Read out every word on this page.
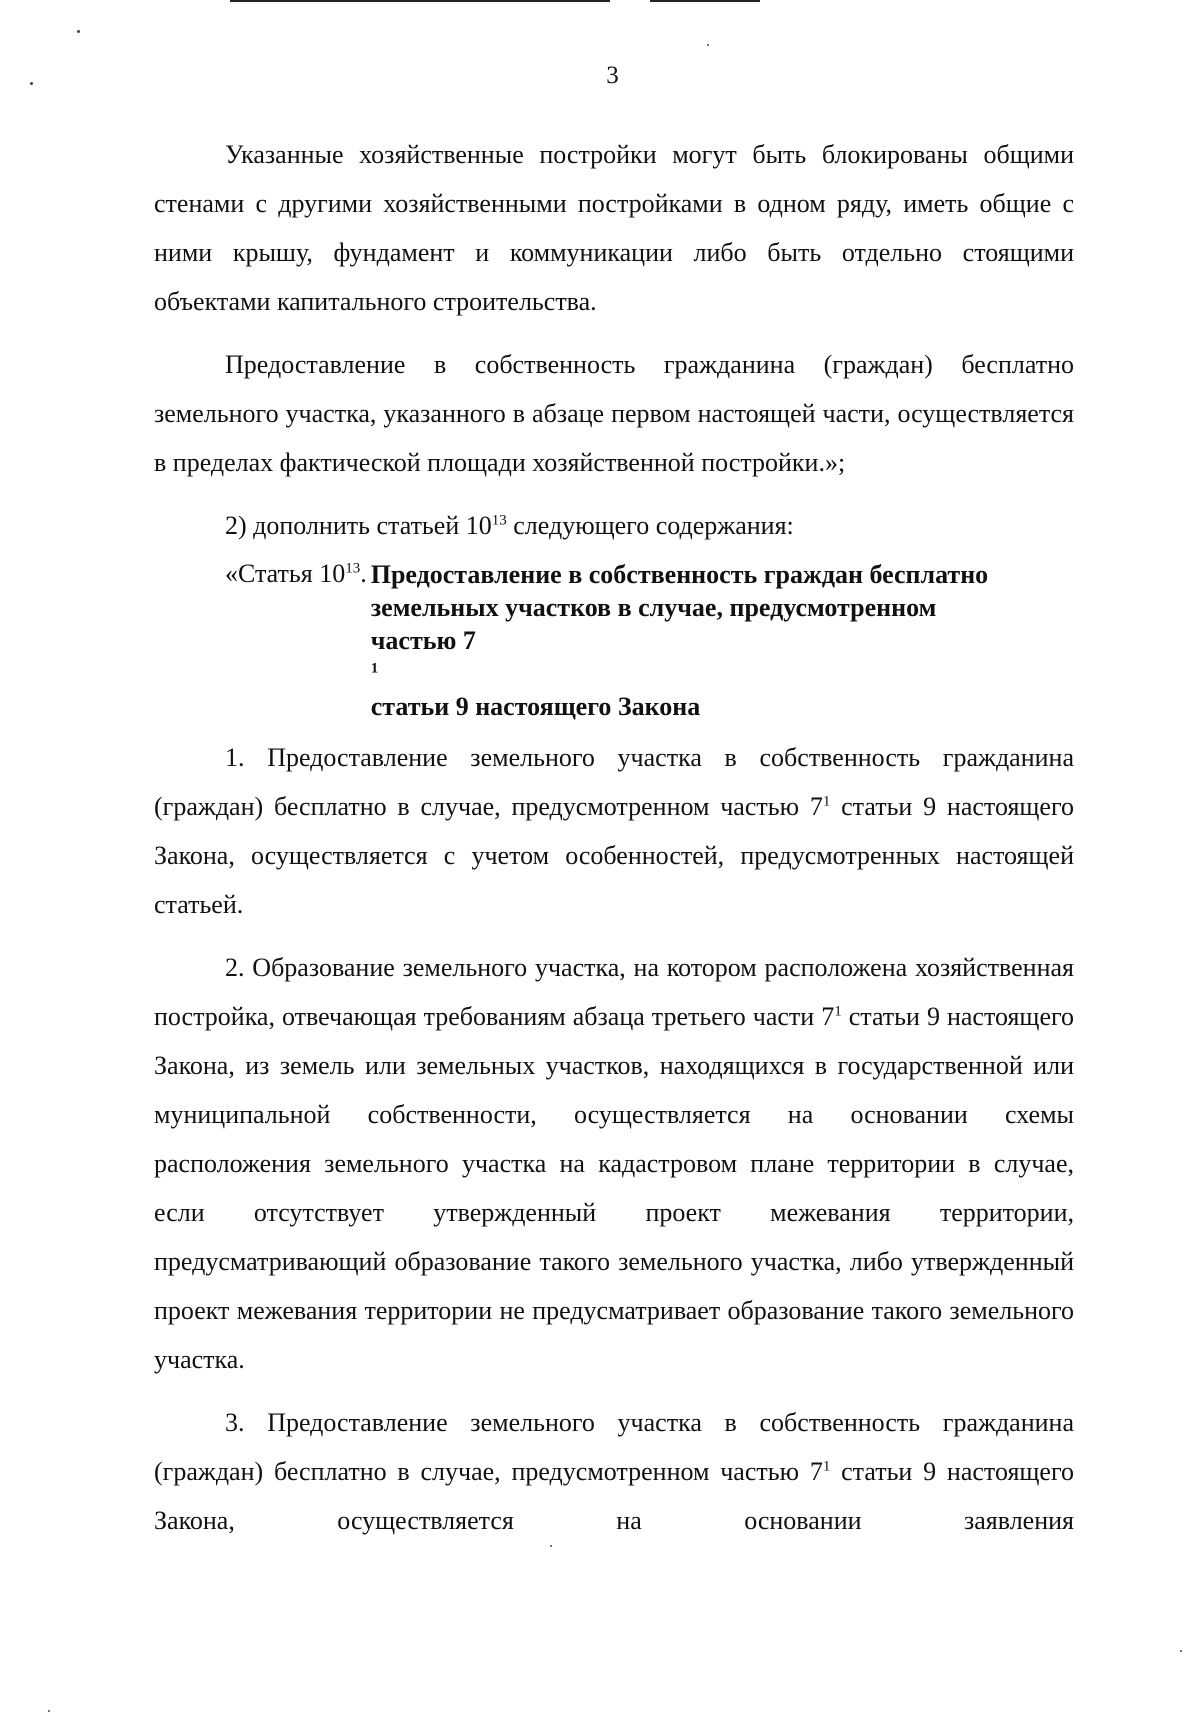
3

Указанные хозяйственные постройки могут быть блокированы общими стенами с другими хозяйственными постройками в одном ряду, иметь общие с ними крышу, фундамент и коммуникации либо быть отдельно стоящими объектами капитального строительства.

Предоставление в собственность гражданина (граждан) бесплатно земельного участка, указанного в абзаце первом настоящей части, осуществляется в пределах фактической площади хозяйственной постройки.»;

2) дополнить статьей $10^{13}$ следующего содержания:

«Статья $10^{13}$. Предоставление в собственность граждан бесплатно
земельных участков в случае, предусмотренном
частью 7
$^1$
статьи 9 настоящего Закона

1. Предоставление земельного участка в собственность гражданина (граждан) бесплатно в случае, предусмотренном частью $7^1$ статьи 9 настоящего Закона, осуществляется с учетом особенностей, предусмотренных настоящей статьей.

2. Образование земельного участка, на котором расположена хозяйственная постройка, отвечающая требованиям абзаца третьего части $7^1$ статьи 9 настоящего Закона, из земель или земельных участков, находящихся в государственной или муниципальной собственности, осуществляется на основании схемы расположения земельного участка на кадастровом плане территории в случае, если отсутствует утвержденный проект межевания территории, предусматривающий образование такого земельного участка, либо утвержденный проект межевания территории не предусматривает образование такого земельного участка.

3. Предоставление земельного участка в собственность гражданина (граждан) бесплатно в случае, предусмотренном частью $7^1$ статьи 9 настоящего Закона, осуществляется на основании заявления
